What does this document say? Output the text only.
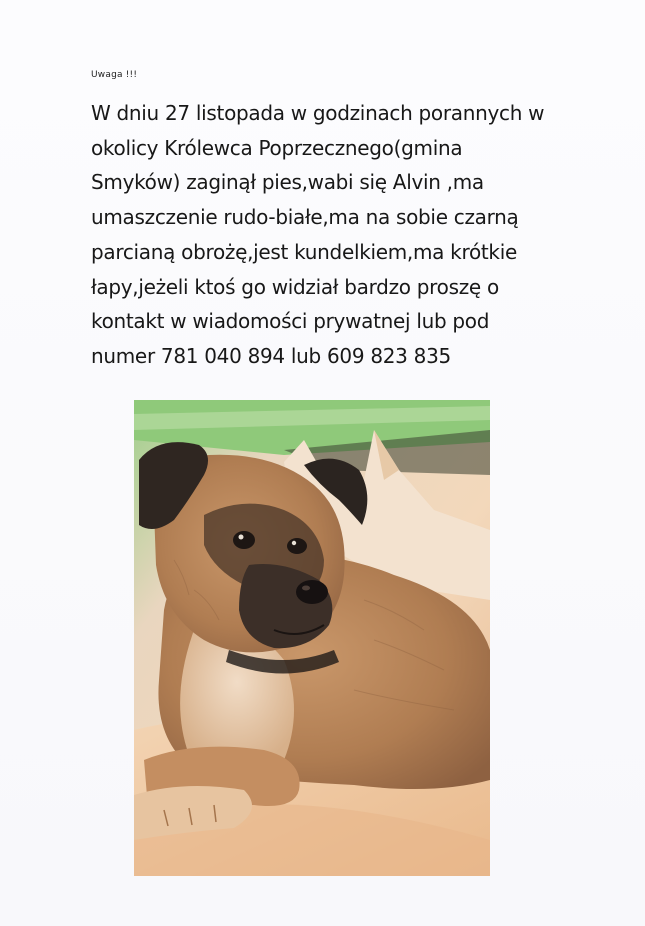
Uwaga !!!

W dniu 27 listopada w godzinach porannych w
okolicy Królewca Poprzecznego(gmina
Smyków) zaginął pies,wabi się Alvin ,ma
umaszczenie rudo-białe,ma na sobie czarną
parcianą obrożę,jest kundelkiem,ma krótkie
łapy,jeżeli ktoś go widział bardzo proszę o
kontakt w wiadomości prywatnej lub pod
numer 781 040 894 lub 609 823 835
